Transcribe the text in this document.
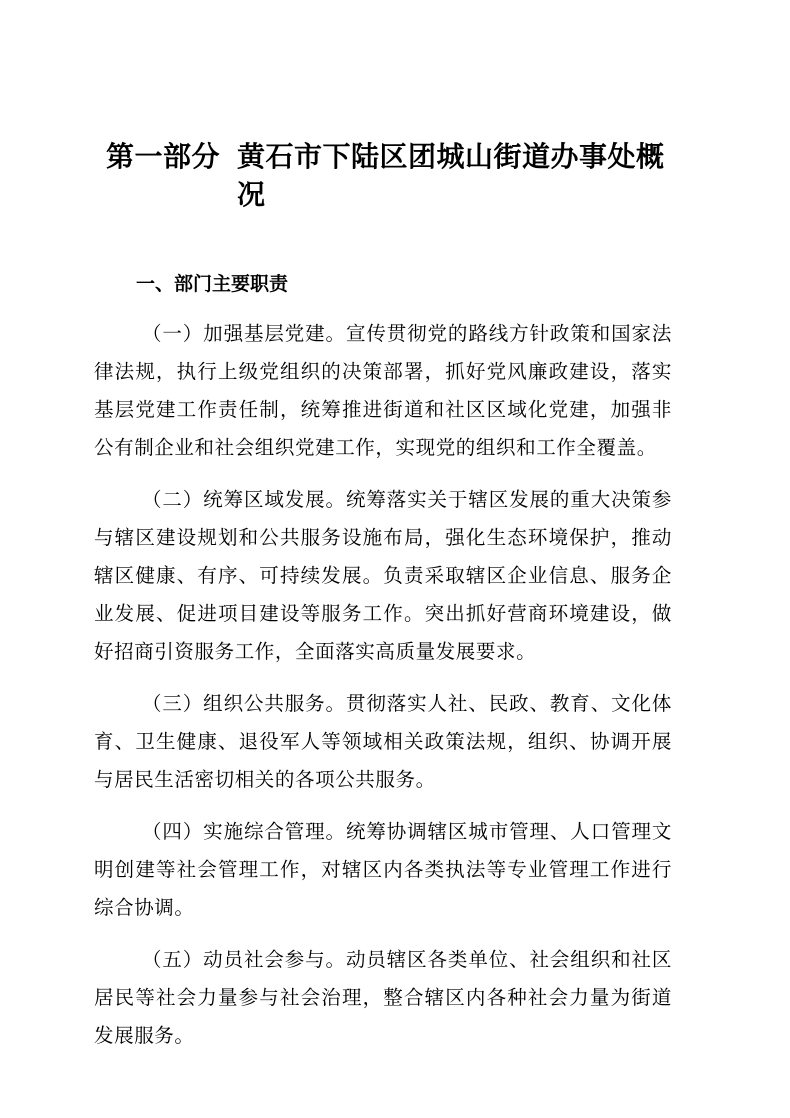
第一部分 黄石市下陆区团城山街道办事处概况
一、部门主要职责

（一）加强基层党建。宣传贯彻党的路线方针政策和国家法律法规，执行上级党组织的决策部署，抓好党风廉政建设，落实基层党建工作责任制，统筹推进街道和社区区域化党建，加强非公有制企业和社会组织党建工作，实现党的组织和工作全覆盖。

（二）统筹区域发展。统筹落实关于辖区发展的重大决策参与辖区建设规划和公共服务设施布局，强化生态环境保护，推动辖区健康、有序、可持续发展。负责采取辖区企业信息、服务企业发展、促进项目建设等服务工作。突出抓好营商环境建设，做好招商引资服务工作，全面落实高质量发展要求。

（三）组织公共服务。贯彻落实人社、民政、教育、文化体育、卫生健康、退役军人等领域相关政策法规，组织、协调开展与居民生活密切相关的各项公共服务。

（四）实施综合管理。统筹协调辖区城市管理、人口管理文明创建等社会管理工作，对辖区内各类执法等专业管理工作进行综合协调。

（五）动员社会参与。动员辖区各类单位、社会组织和社区居民等社会力量参与社会治理，整合辖区内各种社会力量为街道发展服务。
